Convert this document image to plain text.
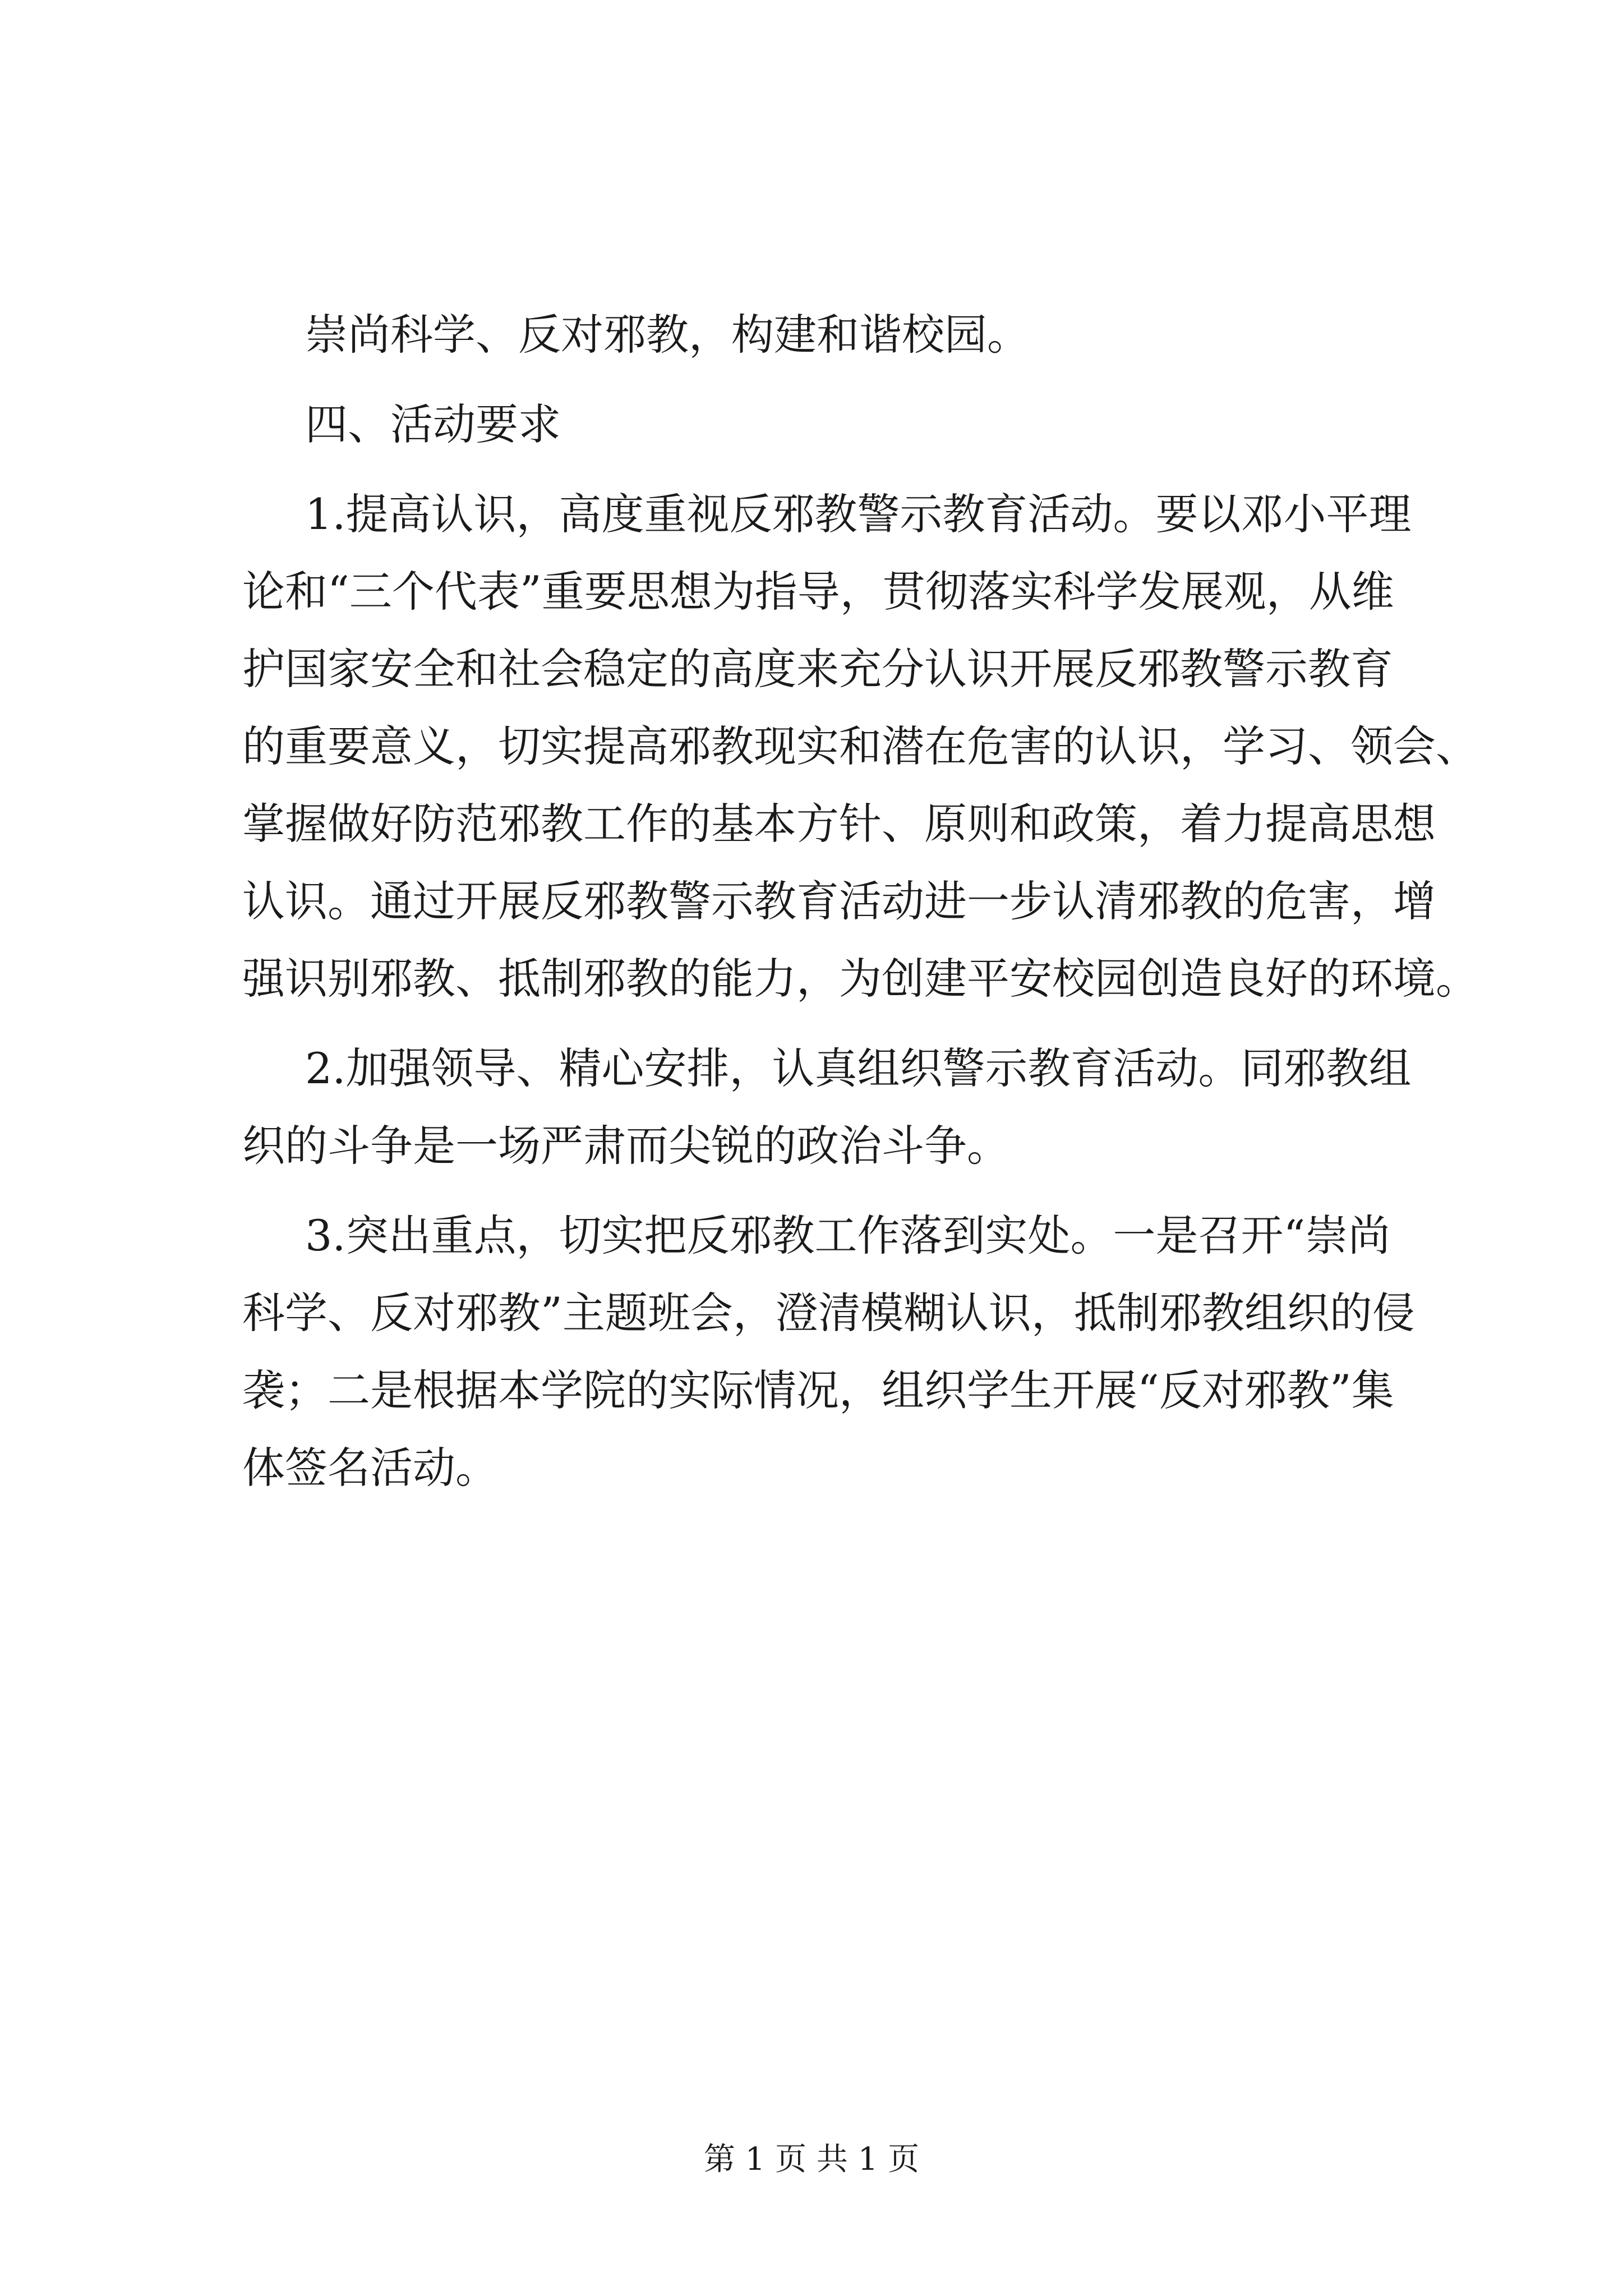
崇尚科学、反对邪教，构建和谐校园。
四、活动要求
1.提高认识，高度重视反邪教警示教育活动。要以邓小平理
论和“三个代表”重要思想为指导，贯彻落实科学发展观，从维
护国家安全和社会稳定的高度来充分认识开展反邪教警示教育
的重要意义，切实提高邪教现实和潜在危害的认识，学习、领会、
掌握做好防范邪教工作的基本方针、原则和政策，着力提高思想
认识。通过开展反邪教警示教育活动进一步认清邪教的危害，增
强识别邪教、抵制邪教的能力，为创建平安校园创造良好的环境。
2.加强领导、精心安排，认真组织警示教育活动。同邪教组
织的斗争是一场严肃而尖锐的政治斗争。
3.突出重点，切实把反邪教工作落到实处。一是召开“崇尚
科学、反对邪教”主题班会，澄清模糊认识，抵制邪教组织的侵
袭；二是根据本学院的实际情况，组织学生开展“反对邪教”集
体签名活动。
第 1 页 共 1 页
